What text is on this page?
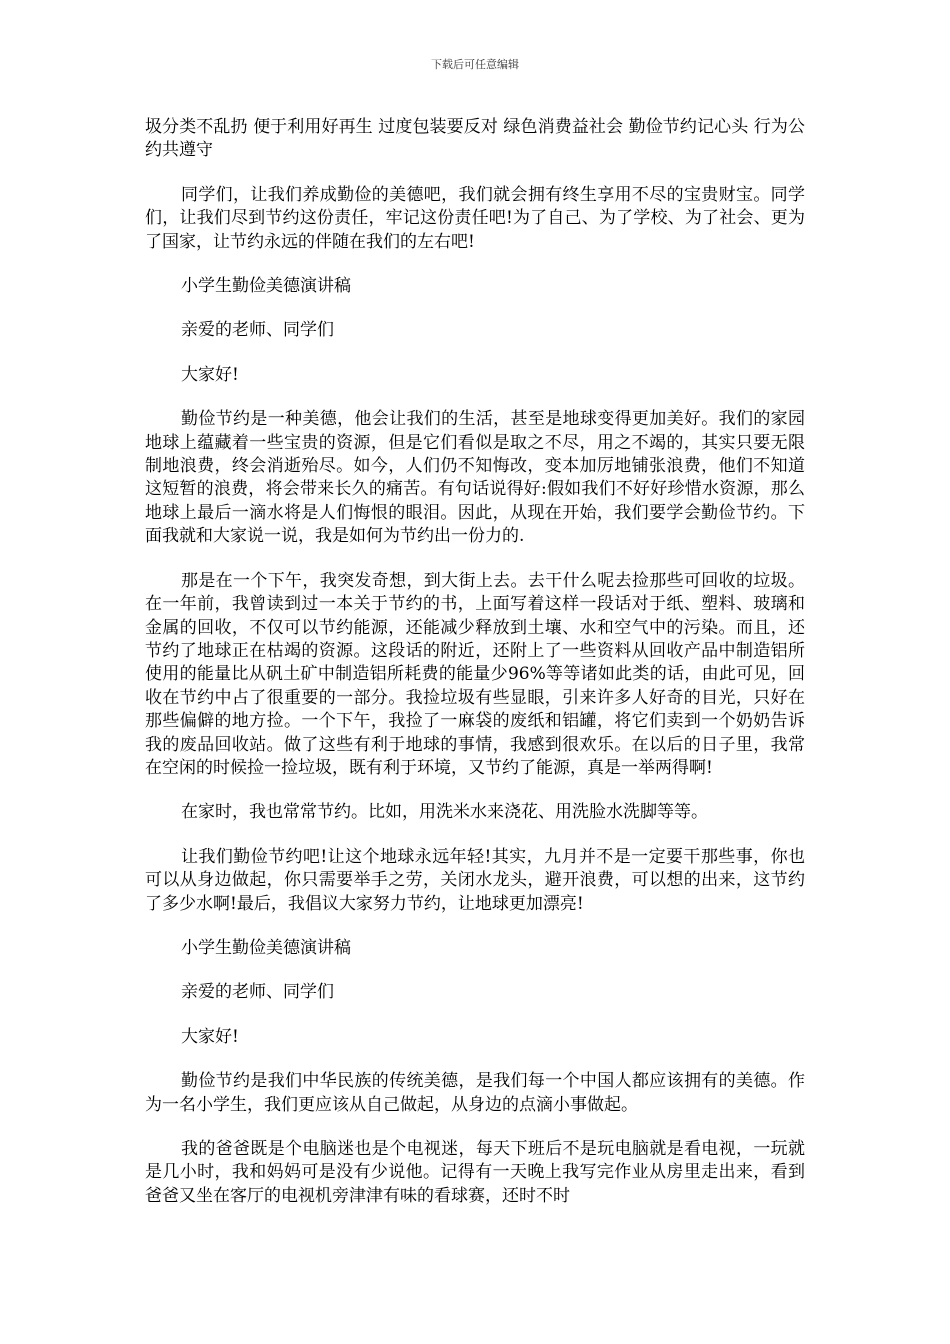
下载后可任意编辑

圾分类不乱扔 便于利用好再生 过度包装要反对 绿色消费益社会 勤俭节约记心头 行为公约共遵守

同学们，让我们养成勤俭的美德吧，我们就会拥有终生享用不尽的宝贵财宝。同学们，让我们尽到节约这份责任，牢记这份责任吧!为了自己、为了学校、为了社会、更为了国家，让节约永远的伴随在我们的左右吧!

小学生勤俭美德演讲稿

亲爱的老师、同学们

大家好!

勤俭节约是一种美德，他会让我们的生活，甚至是地球变得更加美好。我们的家园地球上蕴藏着一些宝贵的资源，但是它们看似是取之不尽，用之不竭的，其实只要无限制地浪费，终会消逝殆尽。如今，人们仍不知悔改，变本加厉地铺张浪费，他们不知道这短暂的浪费，将会带来长久的痛苦。有句话说得好:假如我们不好好珍惜水资源，那么地球上最后一滴水将是人们悔恨的眼泪。因此，从现在开始，我们要学会勤俭节约。下面我就和大家说一说，我是如何为节约出一份力的.

那是在一个下午，我突发奇想，到大街上去。去干什么呢去捡那些可回收的垃圾。在一年前，我曾读到过一本关于节约的书，上面写着这样一段话对于纸、塑料、玻璃和金属的回收，不仅可以节约能源，还能减少释放到土壤、水和空气中的污染。而且，还节约了地球正在枯竭的资源。这段话的附近，还附上了一些资料从回收产品中制造铝所使用的能量比从矾土矿中制造铝所耗费的能量少96%等等诸如此类的话，由此可见，回收在节约中占了很重要的一部分。我捡垃圾有些显眼，引来许多人好奇的目光，只好在那些偏僻的地方捡。一个下午，我捡了一麻袋的废纸和铝罐，将它们卖到一个奶奶告诉我的废品回收站。做了这些有利于地球的事情，我感到很欢乐。在以后的日子里，我常在空闲的时候捡一捡垃圾，既有利于环境，又节约了能源，真是一举两得啊!

在家时，我也常常节约。比如，用洗米水来浇花、用洗脸水洗脚等等。

让我们勤俭节约吧!让这个地球永远年轻!其实，九月并不是一定要干那些事，你也可以从身边做起，你只需要举手之劳，关闭水龙头，避开浪费，可以想的出来，这节约了多少水啊!最后，我倡议大家努力节约，让地球更加漂亮!

小学生勤俭美德演讲稿

亲爱的老师、同学们

大家好!

勤俭节约是我们中华民族的传统美德，是我们每一个中国人都应该拥有的美德。作为一名小学生，我们更应该从自己做起，从身边的点滴小事做起。

我的爸爸既是个电脑迷也是个电视迷，每天下班后不是玩电脑就是看电视，一玩就是几小时，我和妈妈可是没有少说他。记得有一天晚上我写完作业从房里走出来，看到爸爸又坐在客厅的电视机旁津津有味的看球赛，还时不时
